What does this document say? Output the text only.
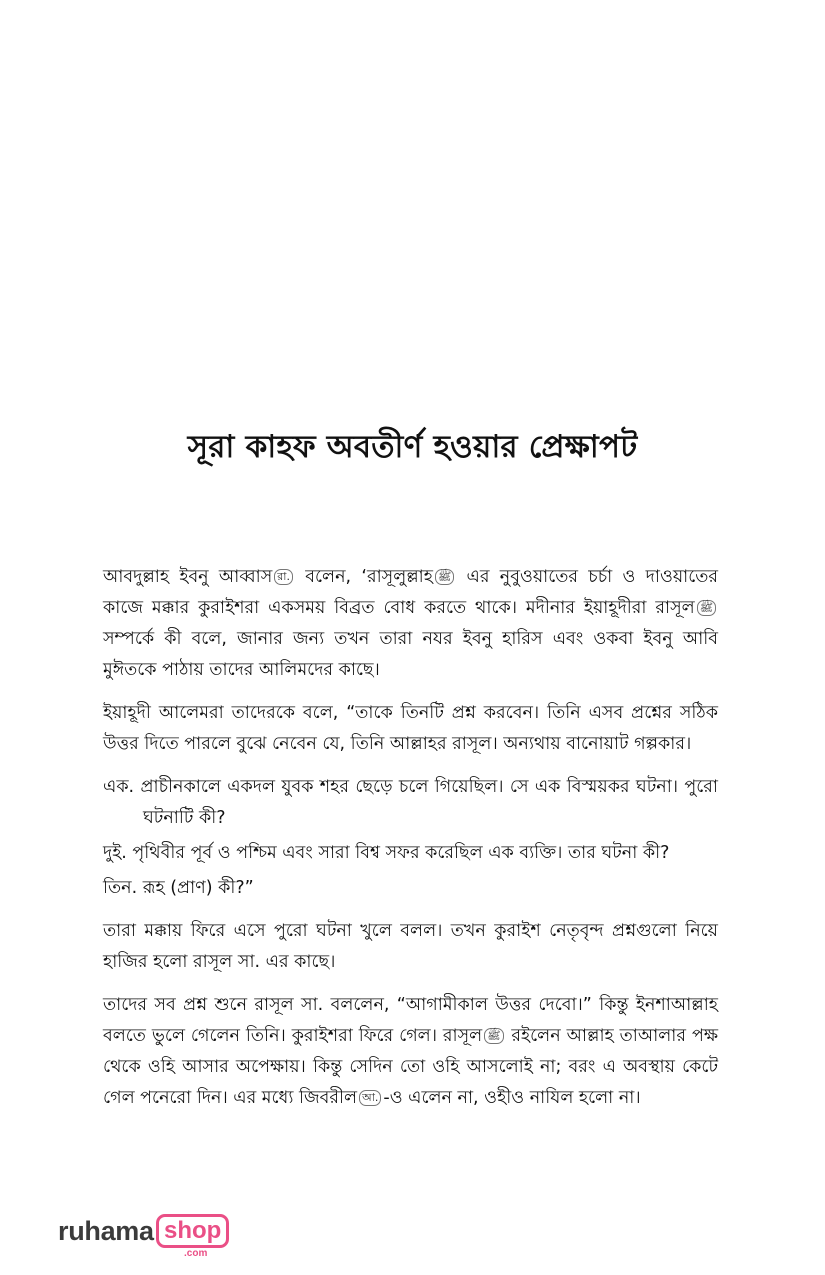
সূরা কাহফ অবতীর্ণ হওয়ার প্রেক্ষাপট

আবদুল্লাহ ইবনু আব্বাস রা. বলেন, ‘রাসূলুল্লাহ ﷺ এর নুবুওয়াতের চর্চা ও দাওয়াতের কাজে মক্কার কুরাইশরা একসময় বিব্রত বোধ করতে থাকে। মদীনার ইয়াহূদীরা রাসূল ﷺ সম্পর্কে কী বলে, জানার জন্য তখন তারা নযর ইবনু হারিস এবং ওকবা ইবনু আবি মুঈতকে পাঠায় তাদের আলিমদের কাছে।

ইয়াহূদী আলেমরা তাদেরকে বলে, “তাকে তিনটি প্রশ্ন করবেন। তিনি এসব প্রশ্নের সঠিক উত্তর দিতে পারলে বুঝে নেবেন যে, তিনি আল্লাহর রাসূল। অন্যথায় বানোয়াট গল্পকার।

এক. প্রাচীনকালে একদল যুবক শহর ছেড়ে চলে গিয়েছিল। সে এক বিস্ময়কর ঘটনা। পুরো ঘটনাটি কী?

দুই. পৃথিবীর পূর্ব ও পশ্চিম এবং সারা বিশ্ব সফর করেছিল এক ব্যক্তি। তার ঘটনা কী?

তিন. রূহ (প্রাণ) কী?”

তারা মক্কায় ফিরে এসে পুরো ঘটনা খুলে বলল। তখন কুরাইশ নেতৃবৃন্দ প্রশ্নগুলো নিয়ে হাজির হলো রাসূল সা. এর কাছে।

তাদের সব প্রশ্ন শুনে রাসূল সা. বললেন, “আগামীকাল উত্তর দেবো।” কিন্তু ইনশাআল্লাহ বলতে ভুলে গেলেন তিনি। কুরাইশরা ফিরে গেল। রাসূল ﷺ রইলেন আল্লাহ তাআলার পক্ষ থেকে ওহি আসার অপেক্ষায়। কিন্তু সেদিন তো ওহি আসলোই না; বরং এ অবস্থায় কেটে গেল পনেরো দিন। এর মধ্যে জিবরীল আ. -ও এলেন না, ওহীও নাযিল হলো না।

ruhama shop
.com
